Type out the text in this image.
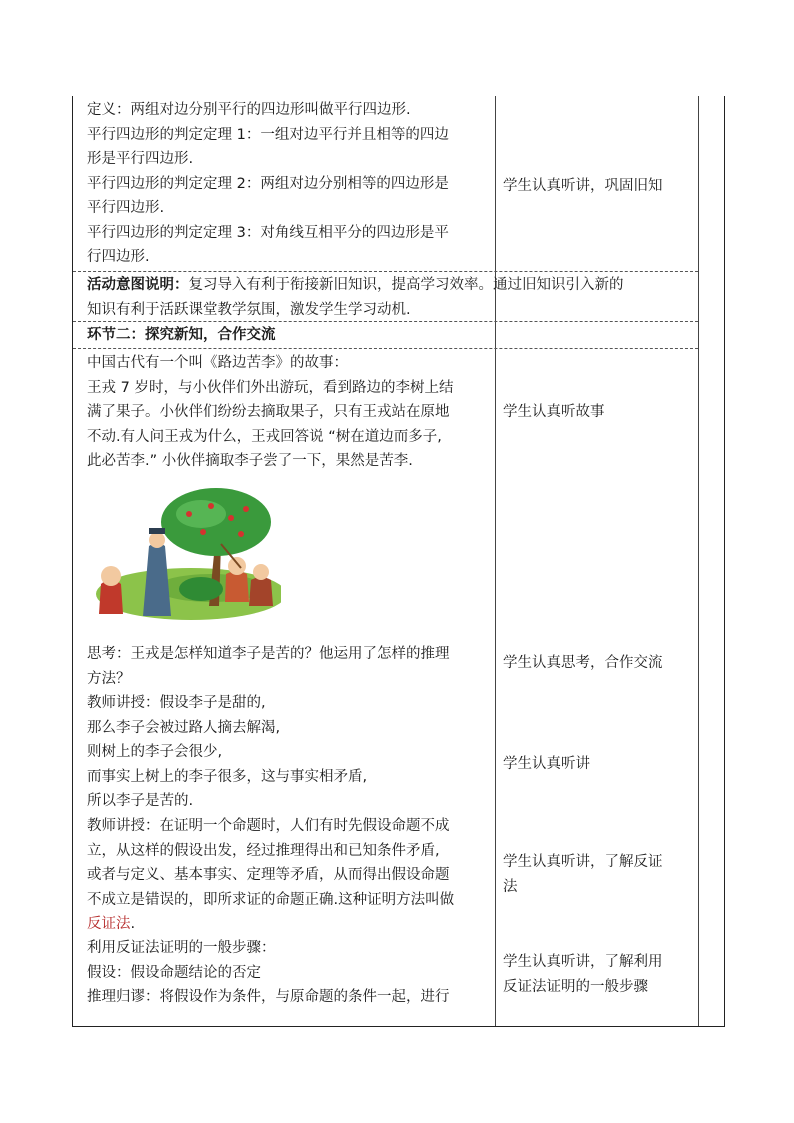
定义：两组对边分别平行的四边形叫做平行四边形.
平行四边形的判定定理 1：一组对边平行并且相等的四边
形是平行四边形.
平行四边形的判定定理 2：两组对边分别相等的四边形是
平行四边形.
平行四边形的判定定理 3：对角线互相平分的四边形是平
行四边形.
学生认真听讲，巩固旧知
活动意图说明：复习导入有利于衔接新旧知识，提高学习效率。通过旧知识引入新的
知识有利于活跃课堂教学氛围，激发学生学习动机.
环节二：探究新知，合作交流
中国古代有一个叫《路边苦李》的故事：
王戎 7 岁时，与小伙伴们外出游玩，看到路边的李树上结
满了果子。小伙伴们纷纷去摘取果子，只有王戎站在原地
不动.有人问王戎为什么，王戎回答说 “树在道边而多子,
此必苦李.” 小伙伴摘取李子尝了一下，果然是苦李.
学生认真听故事
思考：王戎是怎样知道李子是苦的？他运用了怎样的推理
方法？
学生认真思考，合作交流
教师讲授：假设李子是甜的,
那么李子会被过路人摘去解渴,
则树上的李子会很少,
而事实上树上的李子很多，这与事实相矛盾,
所以李子是苦的.
学生认真听讲
教师讲授：在证明一个命题时，人们有时先假设命题不成
立，从这样的假设出发，经过推理得出和已知条件矛盾,
或者与定义、基本事实、定理等矛盾，从而得出假设命题
不成立是错误的，即所求证的命题正确.这种证明方法叫做
反证法.
学生认真听讲，了解反证
法
利用反证法证明的一般步骤：
假设：假设命题结论的否定
推理归谬：将假设作为条件，与原命题的条件一起，进行
学生认真听讲，了解利用
反证法证明的一般步骤
